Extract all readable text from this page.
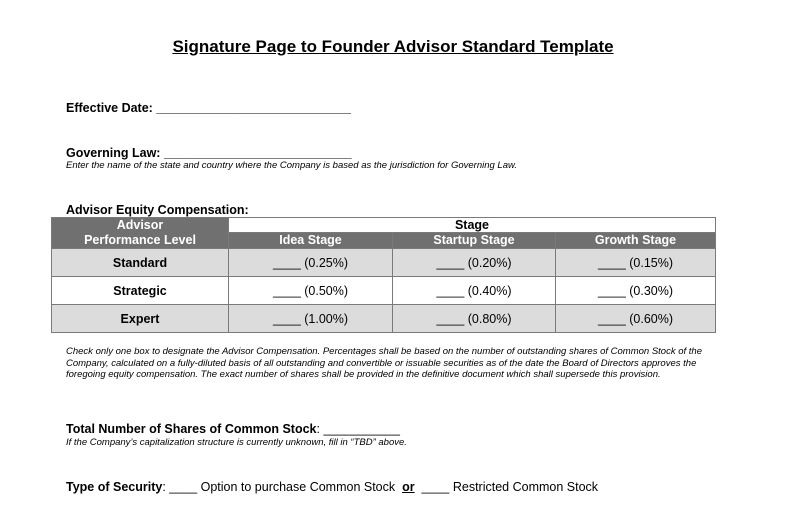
Signature Page to Founder Advisor Standard Template
Effective Date: ____________________________
Governing Law: ___________________________
Enter the name of the state and country where the Company is based as the jurisdiction for Governing Law.
Advisor Equity Compensation:
Advisor
Performance Level	Stage		
	Idea Stage	Startup Stage	Growth Stage
Standard	____ (0.25%)	____ (0.20%)	____ (0.15%)
Strategic	____ (0.50%)	____ (0.40%)	____ (0.30%)
Expert	____ (1.00%)	____ (0.80%)	____ (0.60%)
Check only one box to designate the Advisor Compensation. Percentages shall be based on the number of outstanding shares of Common Stock of the Company, calculated on a fully-diluted basis of all outstanding and convertible or issuable securities as of the date the Board of Directors approves the foregoing equity compensation. The exact number of shares shall be provided in the definitive document which shall supersede this provision.
Total Number of Shares of Common Stock: ___________
If the Company’s capitalization structure is currently unknown, fill in “TBD” above.
Type of Security: ____ Option to purchase Common Stock or ____ Restricted Common Stock
